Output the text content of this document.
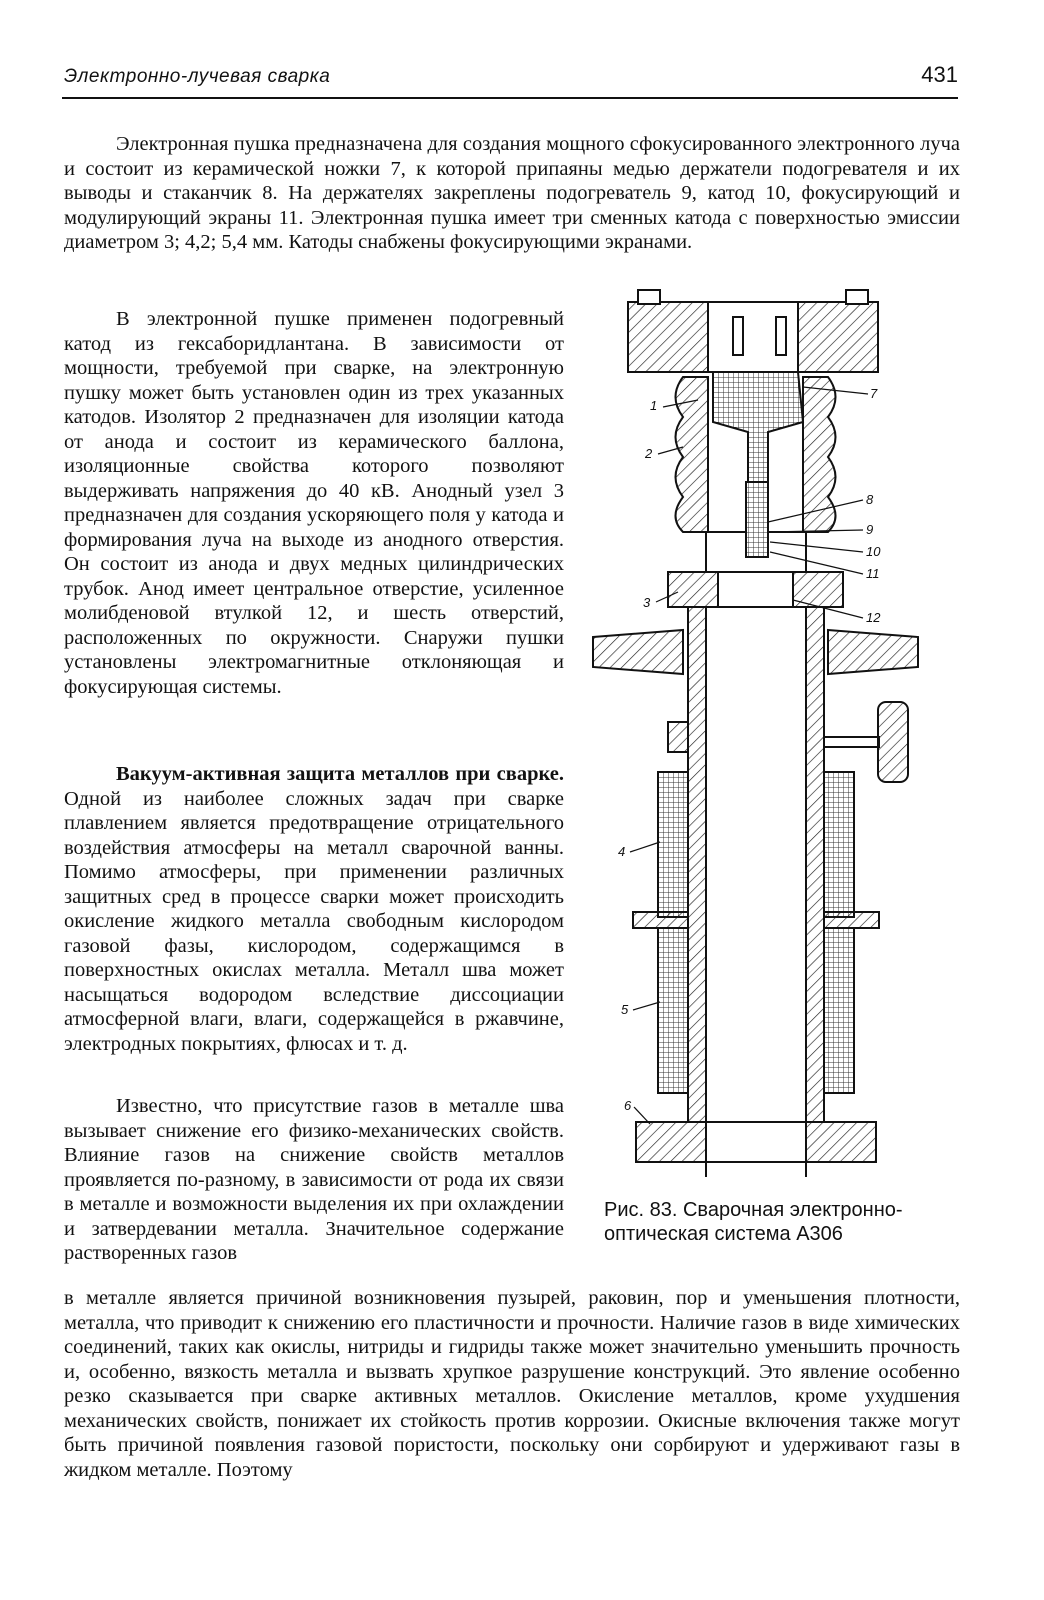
Электронно-лучевая сварка	431

Электронная пушка предназначена для создания мощного сфокусированного электронного луча и состоит из керамической ножки 7, к которой припаяны медью держатели подогревателя и их выводы и стаканчик 8. На держателях закреплены подогреватель 9, катод 10, фокусирующий и модулирующий экраны 11. Электронная пушка имеет три сменных катода с поверхностью эмиссии диаметром 3; 4,2; 5,4 мм. Катоды снабжены фокусирующими экранами.

В электронной пушке применен подогревный катод из гексаборидлантана. В зависимости от мощности, требуемой при сварке, на электронную пушку может быть установлен один из трех указанных катодов. Изолятор 2 предназначен для изоляции катода от анода и состоит из керамического баллона, изоляционные свойства которого позволяют выдерживать напряжения до 40 кВ. Анодный узел 3 предназначен для создания ускоряющего поля у катода и формирования луча на выходе из анодного отверстия. Он состоит из анода и двух медных цилиндрических трубок. Анод имеет центральное отверстие, усиленное молибденовой втулкой 12, и шесть отверстий, расположенных по окружности. Снаружи пушки установлены электромагнитные отклоняющая и фокусирующая системы.

Вакуум-активная защита металлов при сварке. Одной из наиболее сложных задач при сварке плавлением является предотвращение отрицательного воздействия атмосферы на металл сварочной ванны. Помимо атмосферы, при применении различных защитных сред в процессе сварки может происходить окисление жидкого металла свободным кислородом газовой фазы, кислородом, содержащимся в поверхностных окислах металла. Металл шва может насыщаться водородом вследствие диссоциации атмосферной влаги, влаги, содержащейся в ржавчине, электродных покрытиях, флюсах и т. д.

Известно, что присутствие газов в металле шва вызывает снижение его физико-механических свойств. Влияние газов на снижение свойств металлов проявляется по-разному, в зависимости от рода их связи в металле и возможности выделения их при охлаждении и затвердевании металла. Значительное содержание растворенных газов

в металле является причиной возникновения пузырей, раковин, пор и уменьшения плотности, металла, что приводит к снижению его пластичности и прочности. Наличие газов в виде химических соединений, таких как окислы, нитриды и гидриды также может значительно уменьшить прочность и, особенно, вязкость металла и вызвать хрупкое разрушение конструкций. Это явление особенно резко сказывается при сварке активных металлов. Окисление металлов, кроме ухудшения механических свойств, понижает их стойкость против коррозии. Окисные включения также могут быть причиной появления газовой пористости, поскольку они сорбируют и удерживают газы в жидком металле. Поэтому

1
2
3
4
5
6
7
8
9
10
11
12
Рис. 83. Сварочная электронно-оптическая система А306
